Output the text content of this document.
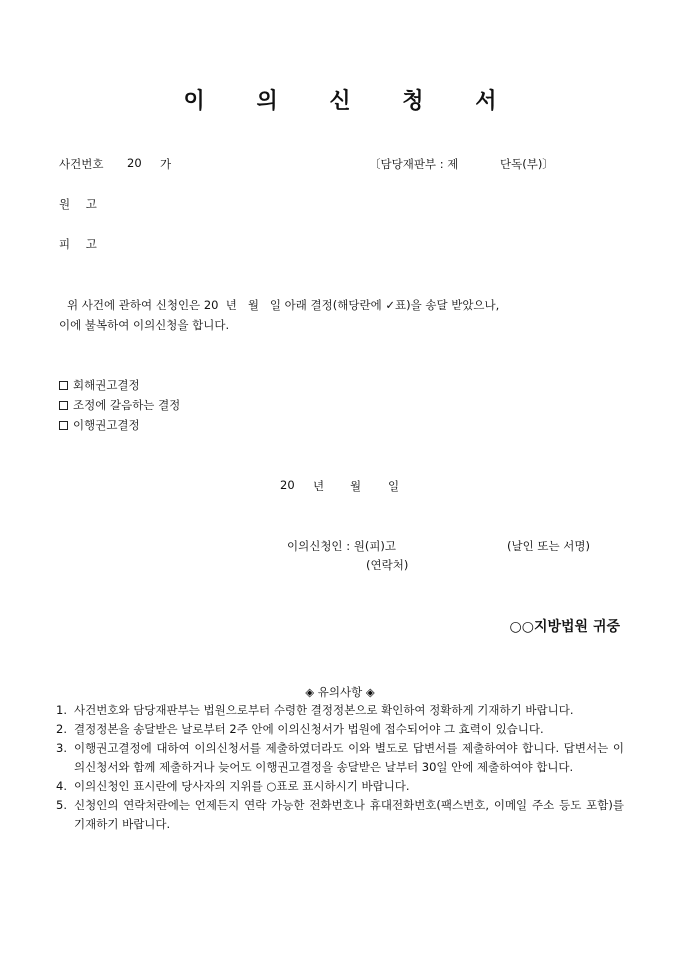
이 의 신 청 서
사건번호 20 가	〔담당재판부 : 제	단독(부)〕
원 고
피 고
위 사건에 관하여 신청인은 20  년   월   일 아래 결정(해당란에 ✓표)을 송달 받았으나,
이에 불복하여 이의신청을 합니다.
회해권고결정
조정에 갈음하는 결정
이행권고결정
20 년 월 일
이의신청인 : 원(피)고	(날인 또는 서명)
(연락처)
○○지방법원 귀중
◈ 유의사항 ◈
1. 사건번호와 담당재판부는 법원으로부터 수령한 결정정본으로 확인하여 정확하게 기재하기 바랍니다.
2. 결정정본을 송달받은 날로부터 2주 안에 이의신청서가 법원에 접수되어야 그 효력이 있습니다.
3. 이행권고결정에 대하여 이의신청서를 제출하였더라도 이와 별도로 답변서를 제출하여야 합니다. 답변서는 이의신청서와 함께 제출하거나 늦어도 이행권고결정을 송달받은 날부터 30일 안에 제출하여야 합니다.
4. 이의신청인 표시란에 당사자의 지위를 ○표로 표시하시기 바랍니다.
5. 신청인의 연락처란에는 언제든지 연락 가능한 전화번호나 휴대전화번호(팩스번호, 이메일 주소 등도 포함)를 기재하기 바랍니다.
